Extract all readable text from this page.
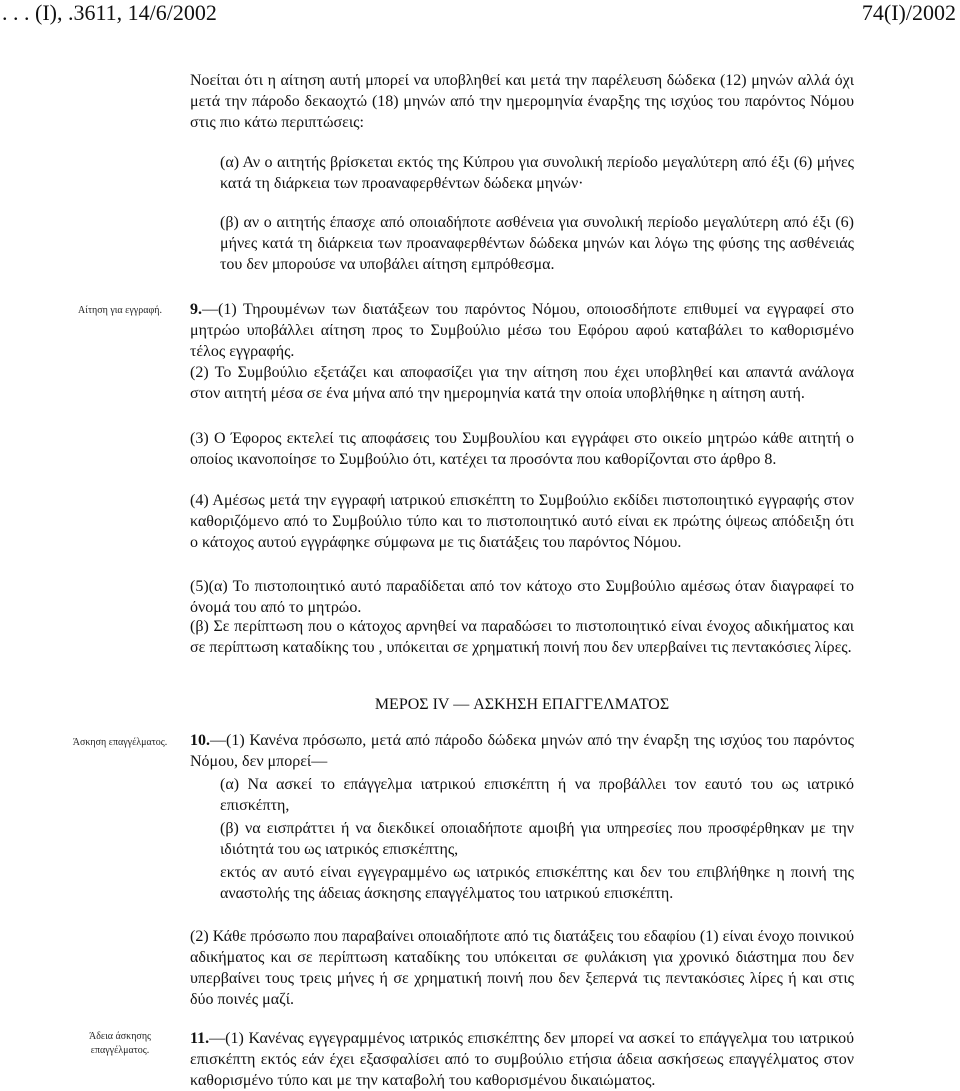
. . . (Ι), .3611, 14/6/2002	74(Ι)/2002

Νοείται ότι η αίτηση αυτή μπορεί να υποβληθεί και μετά την παρέλευση δώδεκα (12) μηνών αλλά όχι μετά την πάροδο δεκαοχτώ (18) μηνών από την ημερομηνία έναρξης της ισχύος του παρόντος Νόμου στις πιο κάτω περιπτώσεις:

(α) Αν ο αιτητής βρίσκεται εκτός της Κύπρου για συνολική περίοδο μεγαλύτερη από έξι (6) μήνες κατά τη διάρκεια των προαναφερθέντων δώδεκα μηνών·

(β) αν ο αιτητής έπασχε από οποιαδήποτε ασθένεια για συνολική περίοδο μεγαλύτερη από έξι (6) μήνες κατά τη διάρκεια των προαναφερθέντων δώδεκα μηνών και λόγω της φύσης της ασθένειάς του δεν μπορούσε να υποβάλει αίτηση εμπρόθεσμα.

Αίτηση για εγγραφή.	9.—(1) Τηρουμένων των διατάξεων του παρόντος Νόμου, οποιοσδήποτε επιθυμεί να εγγραφεί στο μητρώο υποβάλλει αίτηση προς το Συμβούλιο μέσω του Εφόρου αφού καταβάλει το καθορισμένο τέλος εγγραφής.

(2) Το Συμβούλιο εξετάζει και αποφασίζει για την αίτηση που έχει υποβληθεί και απαντά ανάλογα στον αιτητή μέσα σε ένα μήνα από την ημερομηνία κατά την οποία υποβλήθηκε η αίτηση αυτή.

(3) Ο Έφορος εκτελεί τις αποφάσεις του Συμβουλίου και εγγράφει στο οικείο μητρώο κάθε αιτητή ο οποίος ικανοποίησε το Συμβούλιο ότι, κατέχει τα προσόντα που καθορίζονται στο άρθρο 8.

(4) Αμέσως μετά την εγγραφή ιατρικού επισκέπτη το Συμβούλιο εκδίδει πιστοποιητικό εγγραφής στον καθοριζόμενο από το Συμβούλιο τύπο και το πιστοποιητικό αυτό είναι εκ πρώτης όψεως απόδειξη ότι ο κάτοχος αυτού εγγράφηκε σύμφωνα με τις διατάξεις του παρόντος Νόμου.

(5)(α) Το πιστοποιητικό αυτό παραδίδεται από τον κάτοχο στο Συμβούλιο αμέσως όταν διαγραφεί το όνομά του από το μητρώο.

(β) Σε περίπτωση που ο κάτοχος αρνηθεί να παραδώσει το πιστοποιητικό είναι ένοχος αδικήματος και σε περίπτωση καταδίκης του , υπόκειται σε χρηματική ποινή που δεν υπερβαίνει τις πεντακόσιες λίρες.

ΜΕΡΟΣ IV — ΑΣΚΗΣΗ ΕΠΑΓΓΕΛΜΑΤΟΣ
Άσκηση επαγγέλματος.	10.—(1) Κανένα πρόσωπο, μετά από πάροδο δώδεκα μηνών από την έναρξη της ισχύος του παρόντος Νόμου, δεν μπορεί—

(α) Να ασκεί το επάγγελμα ιατρικού επισκέπτη ή να προβάλλει τον εαυτό του ως ιατρικό επισκέπτη,

(β) να εισπράττει ή να διεκδικεί οποιαδήποτε αμοιβή για υπηρεσίες που προσφέρθηκαν με την ιδιότητά του ως ιατρικός επισκέπτης,

εκτός αν αυτό είναι εγγεγραμμένο ως ιατρικός επισκέπτης και δεν του επιβλήθηκε η ποινή της αναστολής της άδειας άσκησης επαγγέλματος του ιατρικού επισκέπτη.

(2) Κάθε πρόσωπο που παραβαίνει οποιαδήποτε από τις διατάξεις του εδαφίου (1) είναι ένοχο ποινικού αδικήματος και σε περίπτωση καταδίκης του υπόκειται σε φυλάκιση για χρονικό διάστημα που δεν υπερβαίνει τους τρεις μήνες ή σε χρηματική ποινή που δεν ξεπερνά τις πεντακόσιες λίρες ή και στις δύο ποινές μαζί.

Άδεια άσκησης
επαγγέλματος.

11.—(1) Κανένας εγγεγραμμένος ιατρικός επισκέπτης δεν μπορεί να ασκεί το επάγγελμα του ιατρικού επισκέπτη εκτός εάν έχει εξασφαλίσει από το συμβούλιο ετήσια άδεια ασκήσεως επαγγέλματος στον καθορισμένο τύπο και με την καταβολή του καθορισμένου δικαιώματος.
